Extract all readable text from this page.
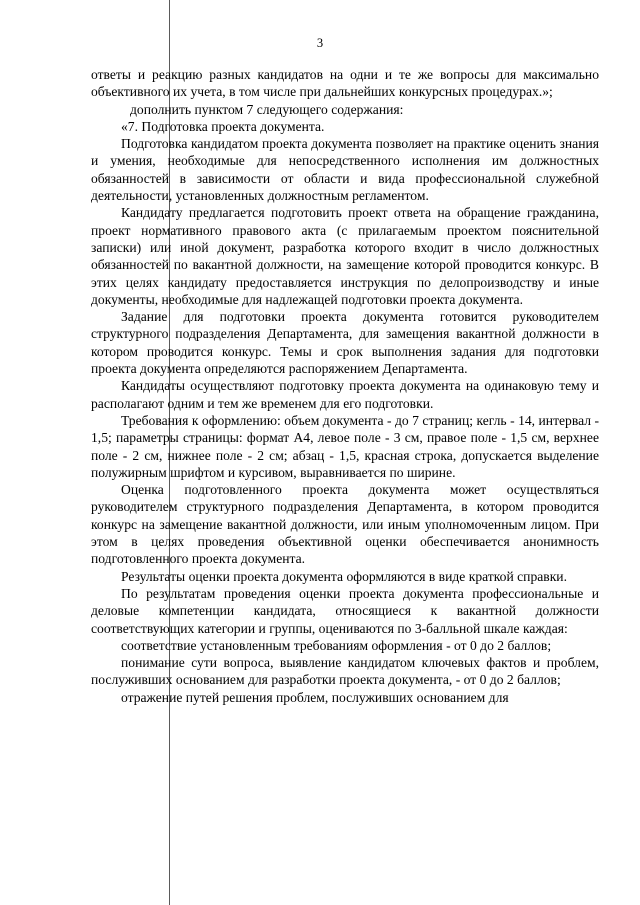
3

ответы и реакцию разных кандидатов на одни и те же вопросы для максимально объективного их учета, в том числе при дальнейших конкурсных процедурах.»;

дополнить пунктом 7 следующего содержания:

«7. Подготовка проекта документа.

Подготовка кандидатом проекта документа позволяет на практике оценить знания и умения, необходимые для непосредственного исполнения им должностных обязанностей в зависимости от области и вида профессиональной служебной деятельности, установленных должностным регламентом.

Кандидату предлагается подготовить проект ответа на обращение гражданина, проект нормативного правового акта (с прилагаемым проектом пояснительной записки) или иной документ, разработка которого входит в число должностных обязанностей по вакантной должности, на замещение которой проводится конкурс. В этих целях кандидату предоставляется инструкция по делопроизводству и иные документы, необходимые для надлежащей подготовки проекта документа.

Задание для подготовки проекта документа готовится руководителем структурного подразделения Департамента, для замещения вакантной должности в котором проводится конкурс. Темы и срок выполнения задания для подготовки проекта документа определяются распоряжением Департамента.

Кандидаты осуществляют подготовку проекта документа на одинаковую тему и располагают одним и тем же временем для его подготовки.

Требования к оформлению: объем документа - до 7 страниц; кегль - 14, интервал - 1,5; параметры страницы: формат А4, левое поле - 3 см, правое поле - 1,5 см, верхнее поле - 2 см, нижнее поле - 2 см; абзац - 1,5, красная строка, допускается выделение полужирным шрифтом и курсивом, выравнивается по ширине.

Оценка подготовленного проекта документа может осуществляться руководителем структурного подразделения Департамента, в котором проводится конкурс на замещение вакантной должности, или иным уполномоченным лицом. При этом в целях проведения объективной оценки обеспечивается анонимность подготовленного проекта документа.

Результаты оценки проекта документа оформляются в виде краткой справки.

По результатам проведения оценки проекта документа профессиональные и деловые компетенции кандидата, относящиеся к вакантной должности соответствующих категории и группы, оцениваются по 3-балльной шкале каждая:

соответствие установленным требованиям оформления - от 0 до 2 баллов;

понимание сути вопроса, выявление кандидатом ключевых фактов и проблем, послуживших основанием для разработки проекта документа, - от 0 до 2 баллов;

отражение путей решения проблем, послуживших основанием для
